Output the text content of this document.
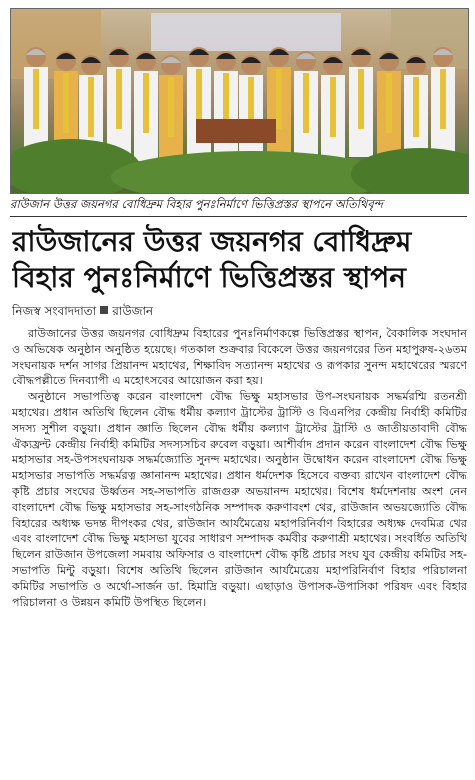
রাউজান উত্তর জয়নগর বোধিদ্রুম বিহার পুনঃনির্মাণে ভিত্তিপ্রস্তর স্থাপনে অতিথিবৃন্দ
রাউজানের উত্তর জয়নগর বোধিদ্রুম
বিহার পুনঃনির্মাণে ভিত্তিপ্রস্তর স্থাপন
নিজস্ব সংবাদদাতা রাউজান

রাউজানের উত্তর জয়নগর বোধিদ্রুম বিহারের পুনঃনির্মাণকল্পে ভিত্তিপ্রস্তর স্থাপন, বৈকালিক সংঘদান ও অভিষেক অনুষ্ঠান অনুষ্ঠিত হয়েছে। গতকাল শুক্রবার বিকেলে উত্তর জয়নগরের তিন মহাপুরুষ-২৬তম সংঘনায়ক দর্শন সাগর প্রিয়ানন্দ মহাথের, শিক্ষাবিদ সত্যানন্দ মহাথের ও রূপকার সুনন্দ মহাথেরের স্মরণে বৌদ্ধপল্লীতে দিনব্যাপী এ মহোৎসবের আয়োজন করা হয়।

অনুষ্ঠানে সভাপতিত্ব করেন বাংলাদেশ বৌদ্ধ ভিক্ষু মহাসভার উপ-সংঘনায়ক সদ্ধর্মরশ্মি রতনশ্রী মহাথের। প্রধান অতিথি ছিলেন বৌদ্ধ ধর্মীয় কল্যাণ ট্রাস্টের ট্রাস্টি ও বিএনপির কেন্দ্রীয় নির্বাহী কমিটির সদস্য সুশীল বড়ুয়া। প্রধান জ্ঞাতি ছিলেন বৌদ্ধ ধর্মীয় কল্যাণ ট্রাস্টের ট্রাস্টি ও জাতীয়তাবাদী বৌদ্ধ ঐক্যফ্রন্ট কেন্দ্রীয় নির্বাহী কমিটির সদস্যসচিব রুবেল বড়ুয়া। আশীর্বাদ প্রদান করেন বাংলাদেশ বৌদ্ধ ভিক্ষু মহাসভার সহ-উপসংঘনায়ক সদ্ধর্মজ্যোতি সুনন্দ মহাথের। অনুষ্ঠান উদ্বোধন করেন বাংলাদেশ বৌদ্ধ ভিক্ষু মহাসভার সভাপতি সদ্ধর্মরত্ন জ্ঞানানন্দ মহাথের। প্রধান ধর্মদেশক হিসেবে বক্তব্য রাখেন বাংলাদেশ বৌদ্ধ কৃষ্টি প্রচার সংঘের উর্ধ্বতন সহ-সভাপতি রাজগুরু অভয়ানন্দ মহাথের। বিশেষ ধর্মদেশনায় অংশ নেন বাংলাদেশ বৌদ্ধ ভিক্ষু মহাসভার সহ-সাংগঠনিক সম্পাদক করুণাবংশ থের, রাউজান অভয়জ্যোতি বৌদ্ধ বিহারের অধ্যক্ষ ভদন্ত দীপংকর থের, রাউজান আর্যমৈত্রেয় মহাপরিনির্বাণ বিহারের অধ্যক্ষ দেবমিত্র থের এবং বাংলাদেশ বৌদ্ধ ভিক্ষু মহাসভা যুবের সাধারণ সম্পাদক কর্মবীর করুণাশ্রী মহাথের। সংবর্ধিত অতিথি ছিলেন রাউজান উপজেলা সমবায় অফিসার ও বাংলাদেশ বৌদ্ধ কৃষ্টি প্রচার সংঘ যুব কেন্দ্রীয় কমিটির সহ-সভাপতি মিন্টু বড়ুয়া। বিশেষ অতিথি ছিলেন রাউজান আর্যমৈত্রেয় মহাপরিনির্বাণ বিহার পরিচালনা কমিটির সভাপতি ও অর্থো-সার্জন ডা. হিমাদ্রি বড়ুয়া। এছাড়াও উপাসক-উপাসিকা পরিষদ এবং বিহার পরিচালনা ও উন্নয়ন কমিটি উপস্থিত ছিলেন।
